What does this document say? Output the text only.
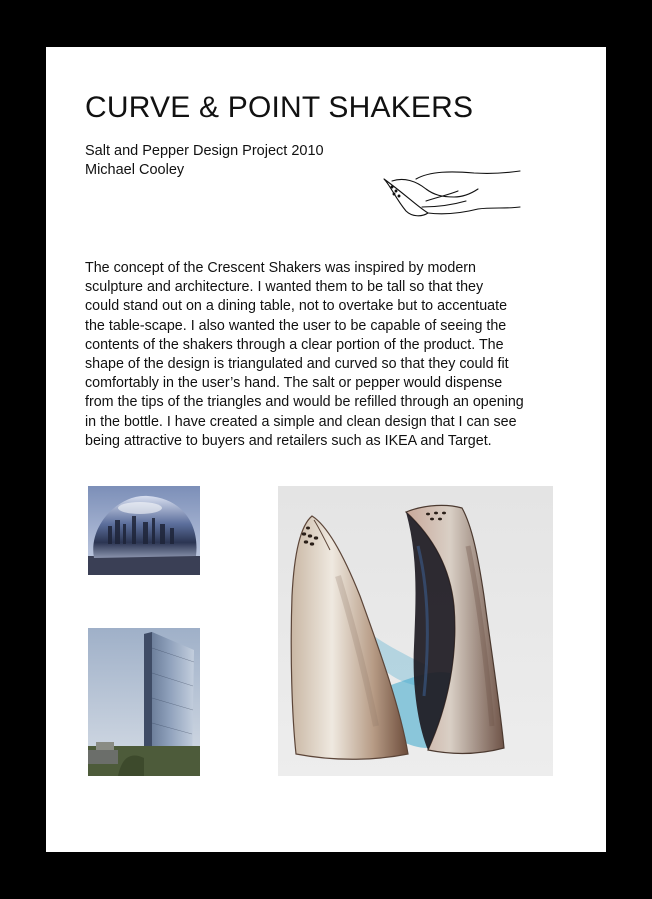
CURVE & POINT SHAKERS
Salt and Pepper Design Project 2010
Michael Cooley
The concept of the Crescent Shakers was inspired by modern
sculpture and architecture. I wanted them to be tall so that they
could stand out on a dining table, not to overtake but to accentuate
the table-scape. I also wanted the user to be capable of seeing the
contents of the shakers through a clear portion of the product. The
shape of the design is triangulated and curved so that they could fit
comfortably in the user’s hand. The salt or pepper would dispense
from the tips of the triangles and would be refilled through an opening
in the bottle. I have created a simple and clean design that I can see
being attractive to buyers and retailers such as IKEA and Target.
